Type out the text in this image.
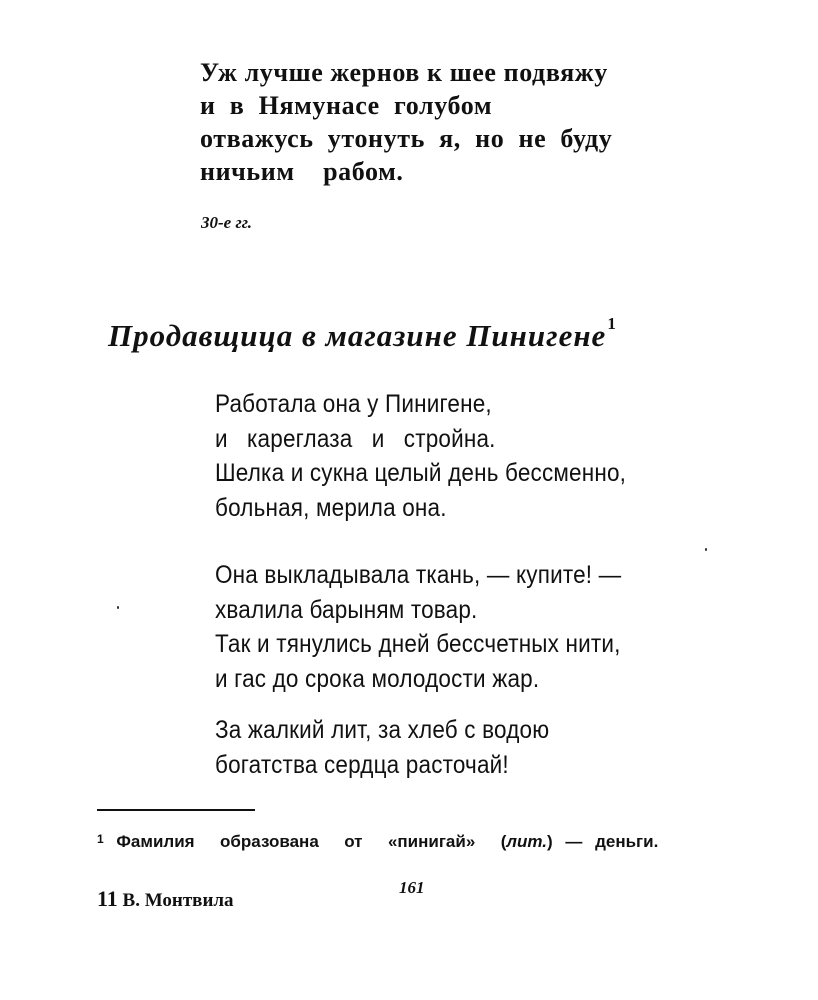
Уж лучше жернов к шее подвяжу
и  в  Нямунасе  голубом
отважусь  утонуть  я,  но  не  буду
ничьим    рабом.
30-е гг.
Продавщица в магазине Пинигене$^1$
Работала она у Пинигене,
и   кареглаза   и   стройна.
Шелка и сукна целый день бессменно,
больная, мерила она.
Она выкладывала ткань, — купите! —
хвалила барыням товар.
Так и тянулись дней бессчетных нити,
и гас до срока молодости жар.
За жалкий лит, за хлеб с водою
богатства сердца расточай!
$^1$ Фамилия  образована  от  «пинигай»  (лит.) — деньги.
11 В. Монтвила
161
